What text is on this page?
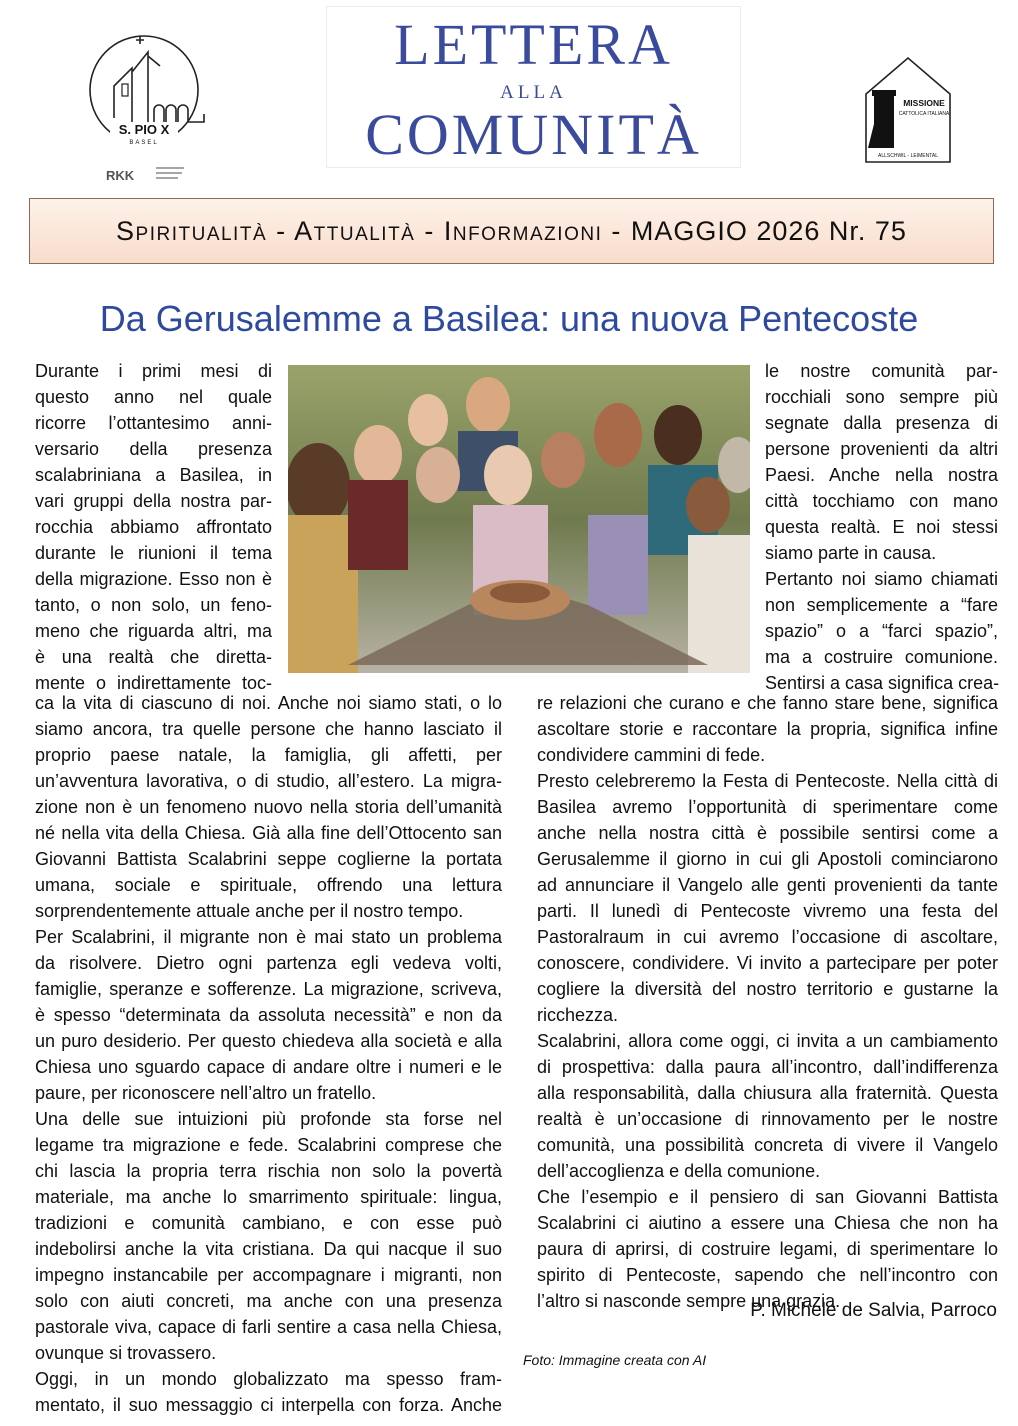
S. PIO X
BASEL
RKK
LETTERA
ALLA
COMUNITÀ	MISSIONE
CATTOLICA ITALIANA
ALLSCHWIL - LEIMENTAL
Spiritualità - Attualità - Informazioni - MAGGIO 2026 Nr. 75
Da Gerusalemme a Basilea: una nuova Pentecoste

Durante i primi mesi di

questo anno nel quale

ricorre l’ottantesimo anni-

versario della presenza

scalabriniana a Basilea, in

vari gruppi della nostra par-

rocchia abbiamo affrontato

durante le riunioni il tema

della migrazione. Esso non è

tanto, o non solo, un feno-

meno che riguarda altri, ma

è una realtà che diretta-

mente o indirettamente toc-

le nostre comunità par-

rocchiali sono sempre più

segnate dalla presenza di

persone provenienti da altri

Paesi. Anche nella nostra

città tocchiamo con mano

questa realtà. E noi stessi

siamo parte in causa.

Pertanto noi siamo chiamati

non semplicemente a “fare

spazio” o a “farci spazio”,

ma a costruire comunione.

Sentirsi a casa significa crea-

ca la vita di ciascuno di noi. Anche noi siamo stati, o lo

siamo ancora, tra quelle persone che hanno lasciato il

proprio paese natale, la famiglia, gli affetti, per

un’avventura lavorativa, o di studio, all’estero. La migra-

zione non è un fenomeno nuovo nella storia dell’umanità

né nella vita della Chiesa. Già alla fine dell’Ottocento san

Giovanni Battista Scalabrini seppe coglierne la portata

umana, sociale e spirituale, offrendo una lettura

sorprendentemente attuale anche per il nostro tempo.

Per Scalabrini, il migrante non è mai stato un problema

da risolvere. Dietro ogni partenza egli vedeva volti,

famiglie, speranze e sofferenze. La migrazione, scriveva,

è spesso “determinata da assoluta necessità” e non da

un puro desiderio. Per questo chiedeva alla società e alla

Chiesa uno sguardo capace di andare oltre i numeri e le

paure, per riconoscere nell’altro un fratello.

Una delle sue intuizioni più profonde sta forse nel

legame tra migrazione e fede. Scalabrini comprese che

chi lascia la propria terra rischia non solo la povertà

materiale, ma anche lo smarrimento spirituale: lingua,

tradizioni e comunità cambiano, e con esse può

indebolirsi anche la vita cristiana. Da qui nacque il suo

impegno instancabile per accompagnare i migranti, non

solo con aiuti concreti, ma anche con una presenza

pastorale viva, capace di farli sentire a casa nella Chiesa,

ovunque si trovassero.

Oggi, in un mondo globalizzato ma spesso fram-

mentato, il suo messaggio ci interpella con forza. Anche

re relazioni che curano e che fanno stare bene, significa

ascoltare storie e raccontare la propria, significa infine

condividere cammini di fede.

Presto celebreremo la Festa di Pentecoste. Nella città di

Basilea avremo l’opportunità di sperimentare come

anche nella nostra città è possibile sentirsi come a

Gerusalemme il giorno in cui gli Apostoli cominciarono

ad annunciare il Vangelo alle genti provenienti da tante

parti. Il lunedì di Pentecoste vivremo una festa del

Pastoralraum in cui avremo l’occasione di ascoltare,

conoscere, condividere. Vi invito a partecipare per poter

cogliere la diversità del nostro territorio e gustarne la

ricchezza.

Scalabrini, allora come oggi, ci invita a un cambiamento

di prospettiva: dalla paura all’incontro, dall’indifferenza

alla responsabilità, dalla chiusura alla fraternità. Questa

realtà è un’occasione di rinnovamento per le nostre

comunità, una possibilità concreta di vivere il Vangelo

dell’accoglienza e della comunione.

Che l’esempio e il pensiero di san Giovanni Battista

Scalabrini ci aiutino a essere una Chiesa che non ha

paura di aprirsi, di costruire legami, di sperimentare lo

spirito di Pentecoste, sapendo che nell’incontro con

l’altro si nasconde sempre una grazia.

P. Michele de Salvia, Parroco
Foto: Immagine creata con AI
